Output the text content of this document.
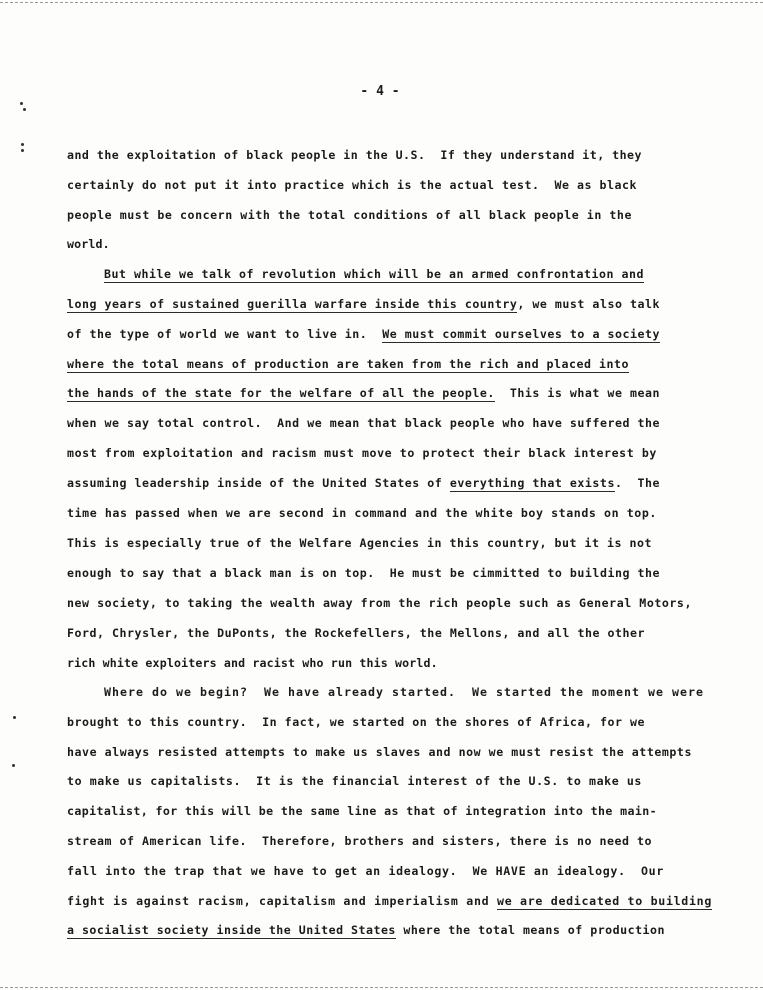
- 4 -
and the exploitation of black people in the U.S.  If they understand it, they
certainly do not put it into practice which is the actual test.  We as black
people must be concern with the total conditions of all black people in the
world.
But while we talk of revolution which will be an armed confrontation and
long years of sustained guerilla warfare inside this country, we must also talk
of the type of world we want to live in.  We must commit ourselves to a society
where the total means of production are taken from the rich and placed into
the hands of the state for the welfare of all the people.  This is what we mean
when we say total control.  And we mean that black people who have suffered the
most from exploitation and racism must move to protect their black interest by
assuming leadership inside of the United States of everything that exists.  The
time has passed when we are second in command and the white boy stands on top.
This is especially true of the Welfare Agencies in this country, but it is not
enough to say that a black man is on top.  He must be cimmitted to building the
new society, to taking the wealth away from the rich people such as General Motors,
Ford, Chrysler, the DuPonts, the Rockefellers, the Mellons, and all the other
rich white exploiters and racist who run this world.
Where do we begin?  We have already started.  We started the moment we were
brought to this country.  In fact, we started on the shores of Africa, for we
have always resisted attempts to make us slaves and now we must resist the attempts
to make us capitalists.  It is the financial interest of the U.S. to make us
capitalist, for this will be the same line as that of integration into the main-
stream of American life.  Therefore, brothers and sisters, there is no need to
fall into the trap that we have to get an idealogy.  We HAVE an idealogy.  Our
fight is against racism, capitalism and imperialism and we are dedicated to building
a socialist society inside the United States where the total means of production
